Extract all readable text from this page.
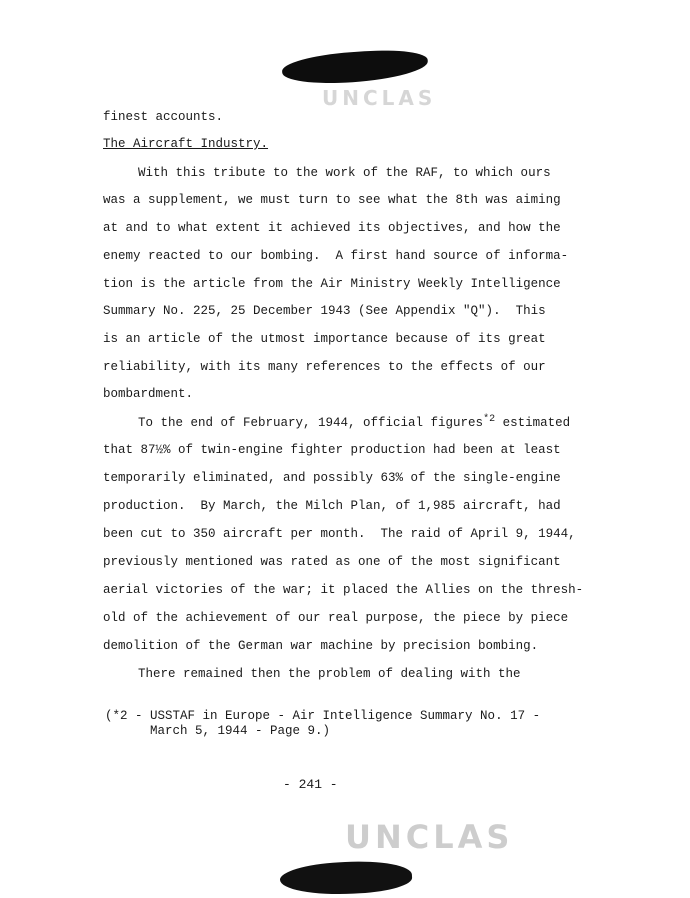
UNCLAS
finest accounts.
The Aircraft Industry.
With this tribute to the work of the RAF, to which ours
was a supplement, we must turn to see what the 8th was aiming
at and to what extent it achieved its objectives, and how the
enemy reacted to our bombing.  A first hand source of informa-
tion is the article from the Air Ministry Weekly Intelligence
Summary No. 225, 25 December 1943 (See Appendix "Q").  This
is an article of the utmost importance because of its great
reliability, with its many references to the effects of our
bombardment.
To the end of February, 1944, official figures$^{*2}$ estimated
that 87½% of twin-engine fighter production had been at least
temporarily eliminated, and possibly 63% of the single-engine
production.  By March, the Milch Plan, of 1,985 aircraft, had
been cut to 350 aircraft per month.  The raid of April 9, 1944,
previously mentioned was rated as one of the most significant
aerial victories of the war; it placed the Allies on the thresh-
old of the achievement of our real purpose, the piece by piece
demolition of the German war machine by precision bombing.
There remained then the problem of dealing with the
(*2 - USSTAF in Europe - Air Intelligence Summary No. 17 -
March 5, 1944 - Page 9.)
- 241 -
UNCLAS
